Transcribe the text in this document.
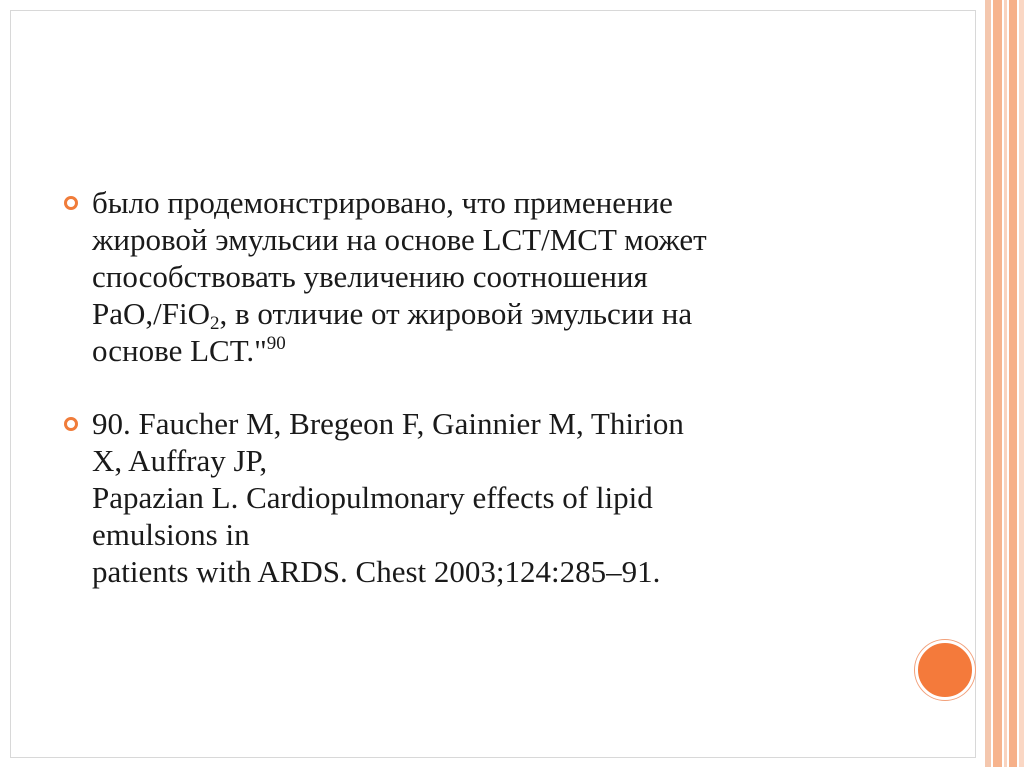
было продемонстрировано, что применение
жировой эмульсии на основе LCT/MCT может
способствовать увеличению соотношения
PaO,/FiO$_2$, в отличие от жировой эмульсии на
основе LCT."$^{90}$
90. Faucher M, Bregeon F, Gainnier M, Thirion
X, Auffray JP,
Papazian L. Cardiopulmonary effects of lipid
emulsions in
patients with ARDS. Chest 2003;124:285–91.
